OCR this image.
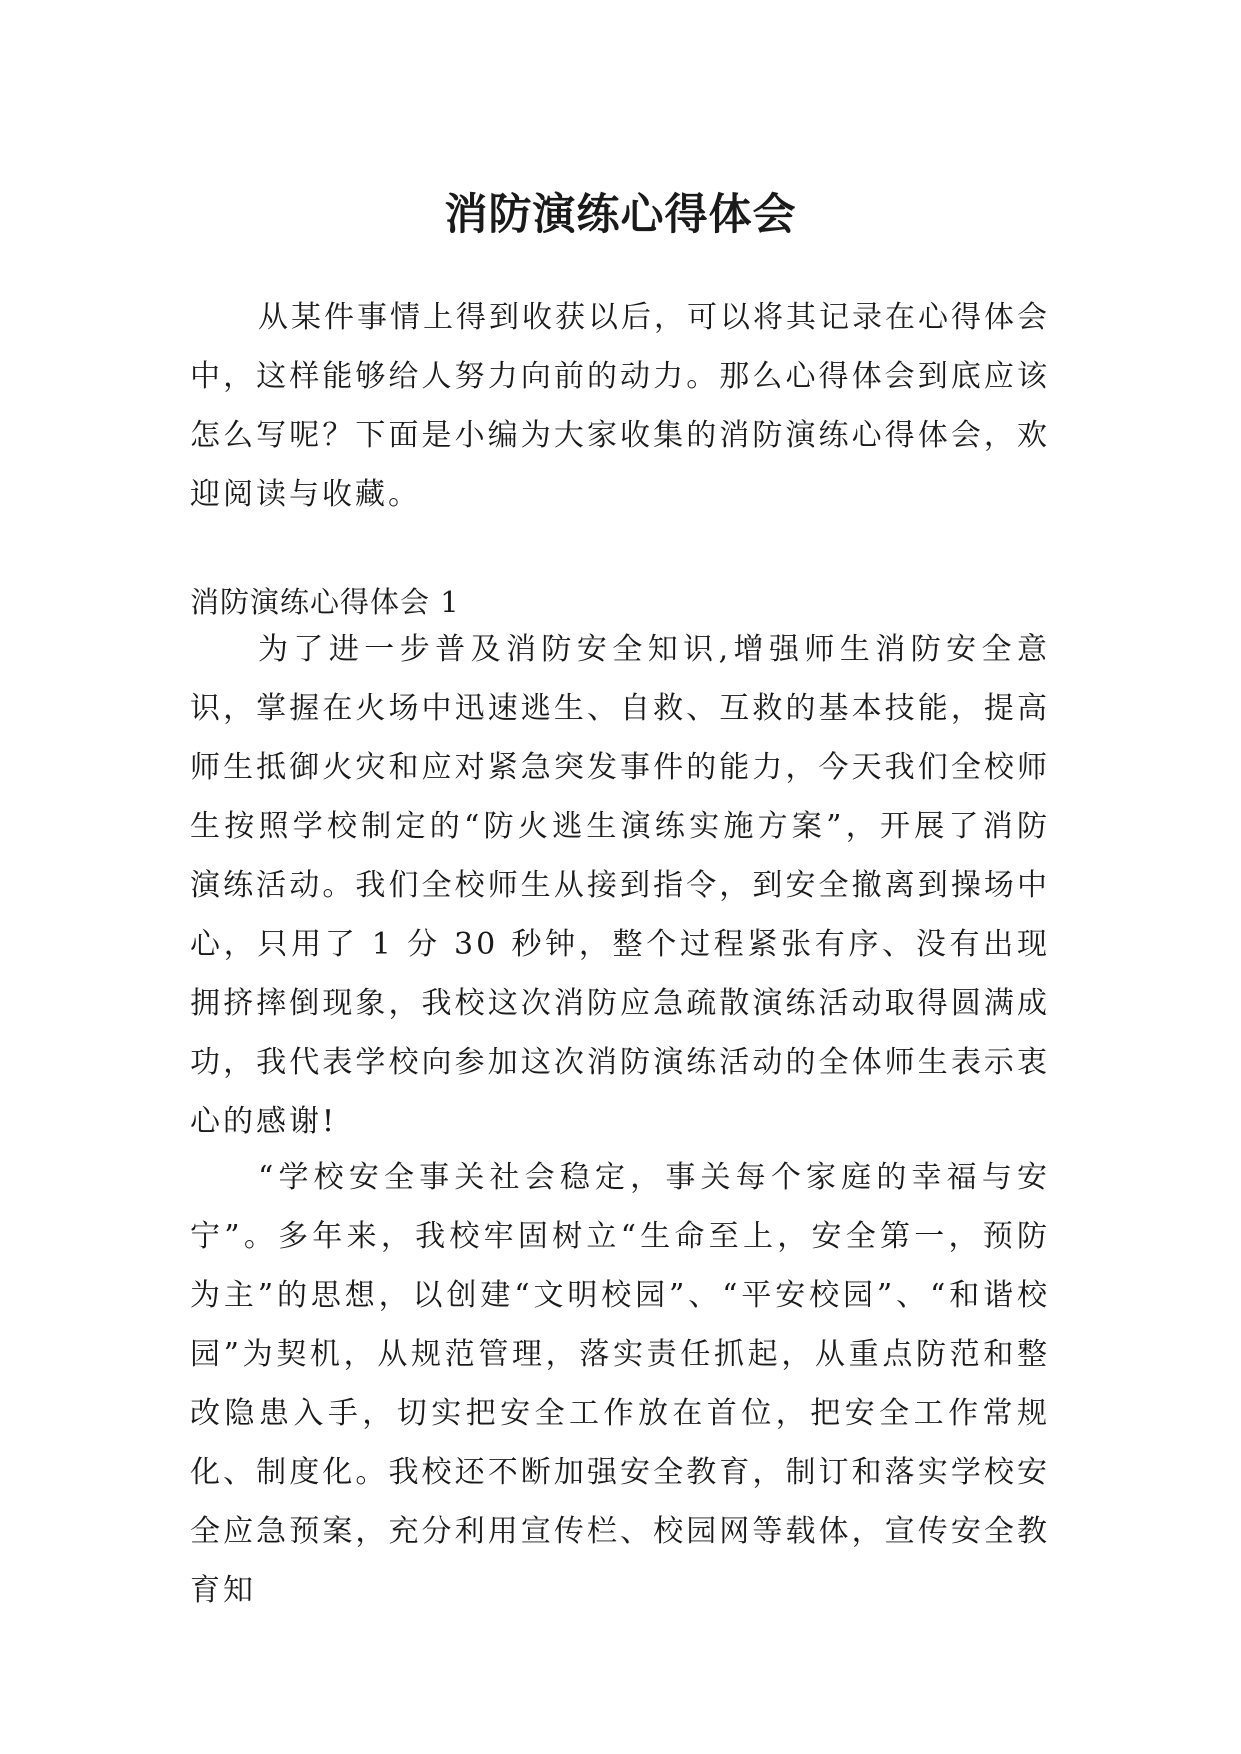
消防演练心得体会

从某件事情上得到收获以后，可以将其记录在心得体会中，这样能够给人努力向前的动力。那么心得体会到底应该怎么写呢？下面是小编为大家收集的消防演练心得体会，欢迎阅读与收藏。

消防演练心得体会 1

为了进一步普及消防安全知识,增强师生消防安全意识，掌握在火场中迅速逃生、自救、互救的基本技能，提高师生抵御火灾和应对紧急突发事件的能力，今天我们全校师生按照学校制定的“防火逃生演练实施方案”，开展了消防演练活动。我们全校师生从接到指令，到安全撤离到操场中心，只用了 1 分 30 秒钟，整个过程紧张有序、没有出现拥挤摔倒现象，我校这次消防应急疏散演练活动取得圆满成功，我代表学校向参加这次消防演练活动的全体师生表示衷心的感谢!

“学校安全事关社会稳定，事关每个家庭的幸福与安宁”。多年来，我校牢固树立“生命至上，安全第一，预防为主”的思想，以创建“文明校园”、“平安校园”、“和谐校园”为契机，从规范管理，落实责任抓起，从重点防范和整改隐患入手，切实把安全工作放在首位，把安全工作常规化、制度化。我校还不断加强安全教育，制订和落实学校安全应急预案，充分利用宣传栏、校园网等载体，宣传安全教育知
